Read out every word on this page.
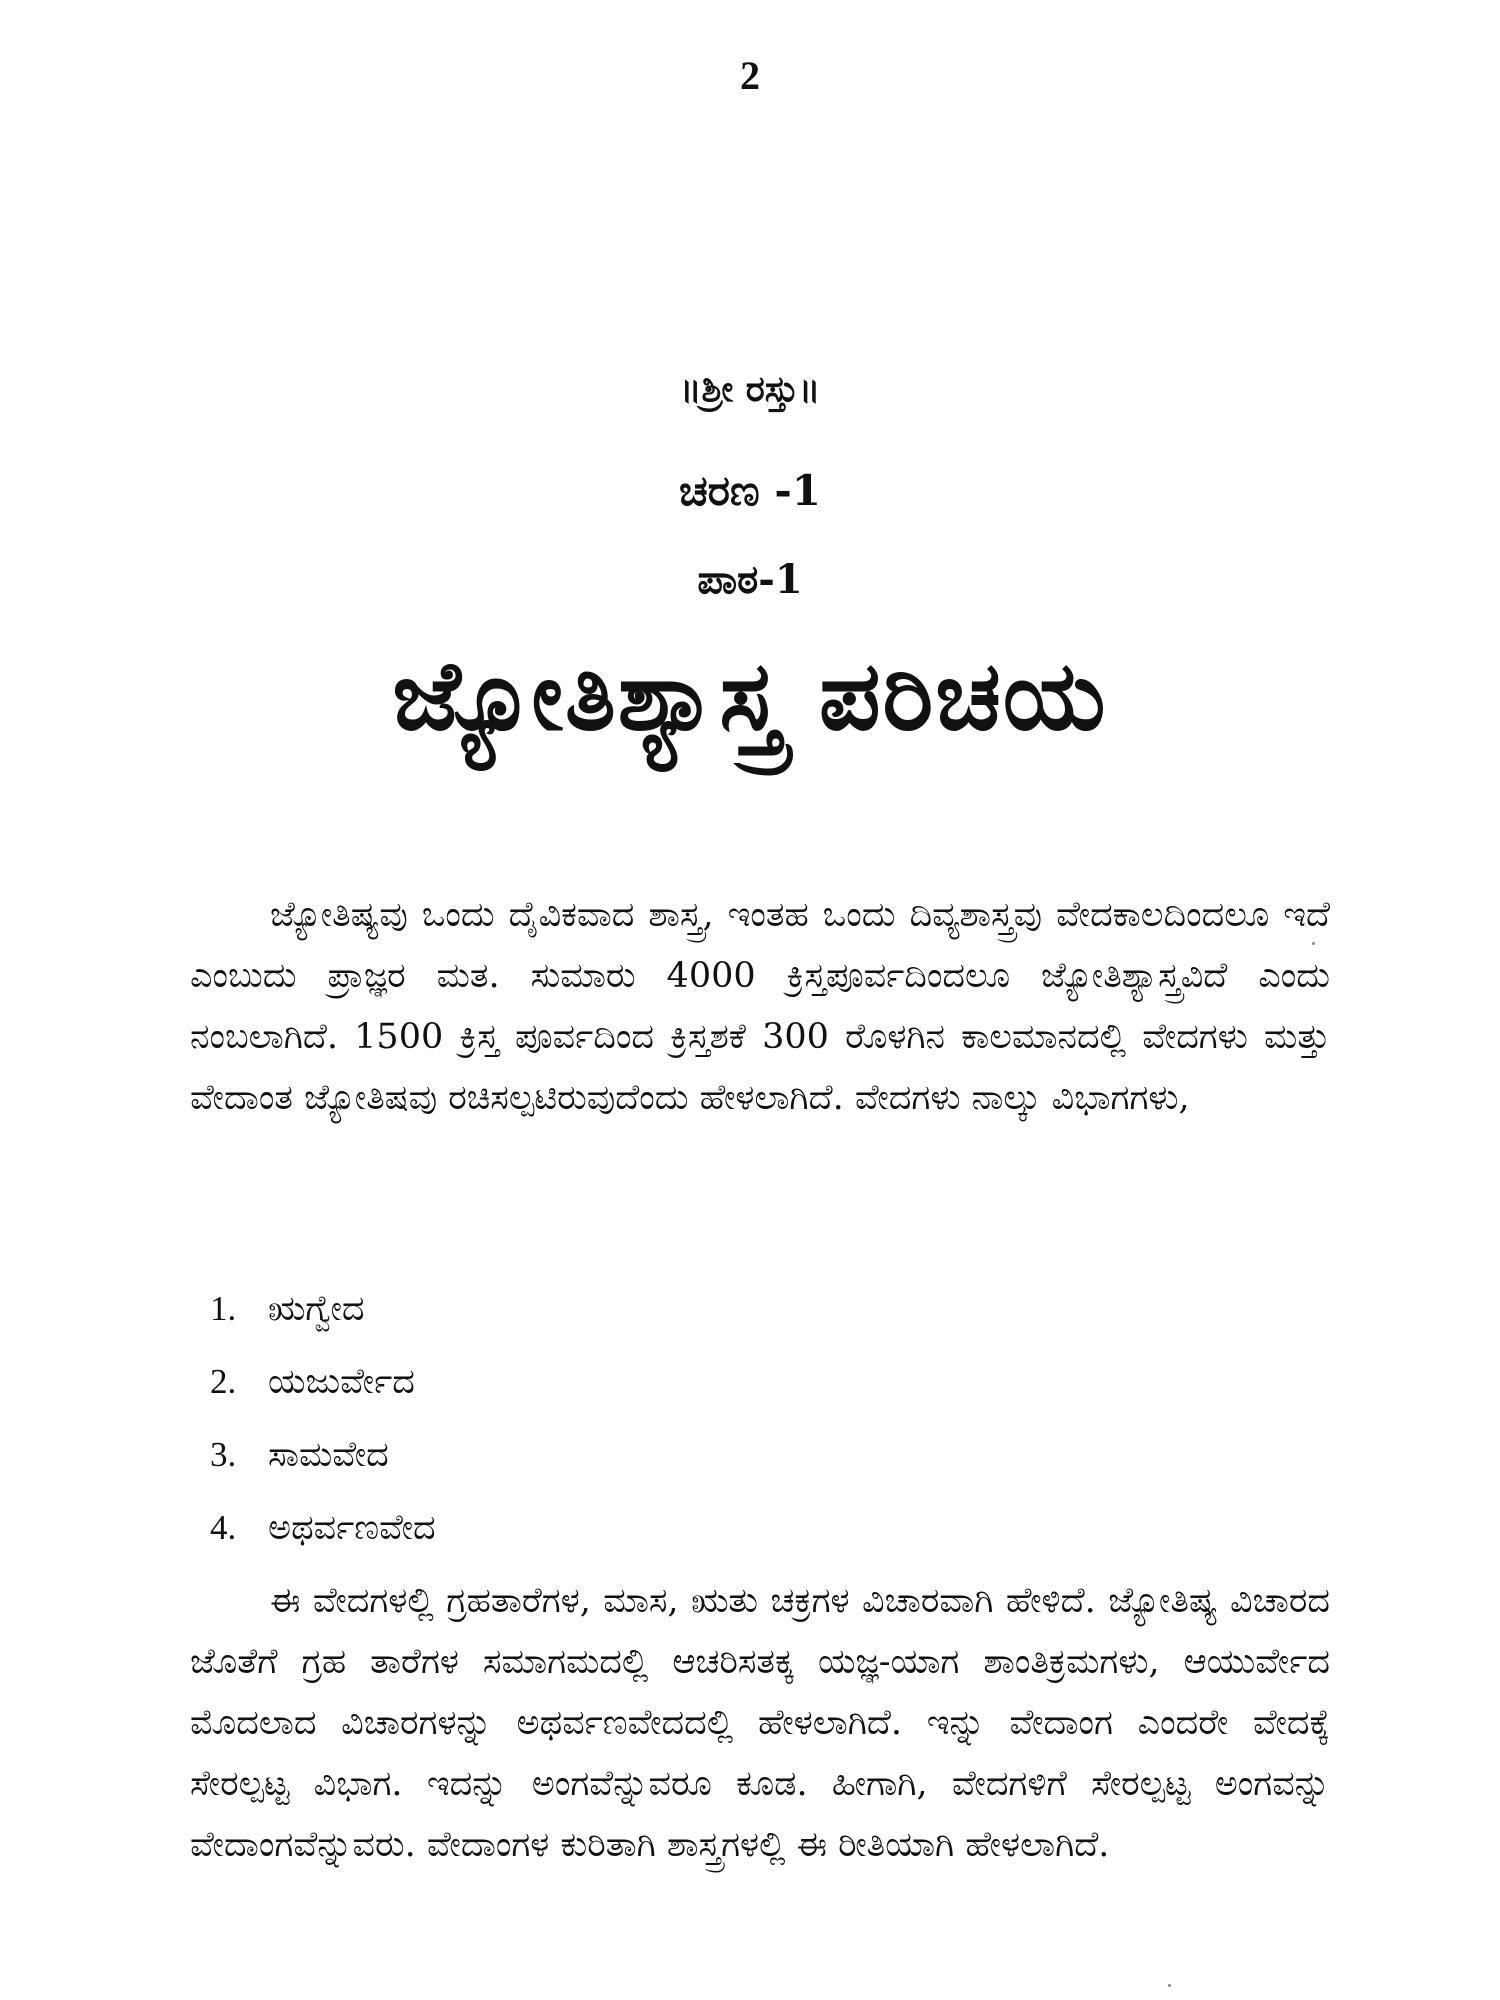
2
॥ಶ್ರೀ ರಸ್ತು॥
ಚರಣ -1
ಪಾಠ-1
ಜ್ಯೋತಿಶ್ಯಾಸ್ತ್ರ ಪರಿಚಯ

ಜ್ಯೋತಿಷ್ಯವು ಒಂದು ದೈವಿಕವಾದ ಶಾಸ್ತ್ರ, ಇಂತಹ ಒಂದು ದಿವ್ಯಶಾಸ್ತ್ರವು ವೇದಕಾಲದಿಂದಲೂ ಇದೆ ಎಂಬುದು ಪ್ರಾಜ್ಞರ ಮತ. ಸುಮಾರು 4000 ಕ್ರಿಸ್ತಪೂರ್ವದಿಂದಲೂ ಜ್ಯೋತಿಶ್ಯಾಸ್ತ್ರವಿದೆ ಎಂದು ನಂಬಲಾಗಿದೆ. 1500 ಕ್ರಿಸ್ತ ಪೂರ್ವದಿಂದ ಕ್ರಿಸ್ತಶಕೆ 300 ರೊಳಗಿನ ಕಾಲಮಾನದಲ್ಲಿ ವೇದಗಳು ಮತ್ತು ವೇದಾಂತ ಜ್ಯೋತಿಷವು ರಚಿಸಲ್ಪಟಿರುವುದೆಂದು ಹೇಳಲಾಗಿದೆ. ವೇದಗಳು ನಾಲ್ಕು ವಿಭಾಗಗಳು,

1. ಋಗ್ವೇದ
2. ಯಜುರ್ವೇದ
3. ಸಾಮವೇದ
4. ಅಥರ್ವಣವೇದ

ಈ ವೇದಗಳಲ್ಲಿ ಗ್ರಹತಾರೆಗಳ, ಮಾಸ, ಋತು ಚಕ್ರಗಳ ವಿಚಾರವಾಗಿ ಹೇಳಿದೆ. ಜ್ಯೋತಿಷ್ಯ ವಿಚಾರದ ಜೊತೆಗೆ ಗ್ರಹ ತಾರೆಗಳ ಸಮಾಗಮದಲ್ಲಿ ಆಚರಿಸತಕ್ಕ ಯಜ್ಞ-ಯಾಗ ಶಾಂತಿಕ್ರಮಗಳು, ಆಯುರ್ವೇದ ಮೊದಲಾದ ವಿಚಾರಗಳನ್ನು ಅಥರ್ವಣವೇದದಲ್ಲಿ ಹೇಳಲಾಗಿದೆ. ಇನ್ನು ವೇದಾಂಗ ಎಂದರೇ ವೇದಕ್ಕೆ ಸೇರಲ್ಪಟ್ಟ ವಿಭಾಗ. ಇದನ್ನು ಅಂಗವೆನ್ನುವರೂ ಕೂಡ. ಹೀಗಾಗಿ, ವೇದಗಳಿಗೆ ಸೇರಲ್ಪಟ್ಟ ಅಂಗವನ್ನು ವೇದಾಂಗವೆನ್ನುವರು. ವೇದಾಂಗಳ ಕುರಿತಾಗಿ ಶಾಸ್ತ್ರಗಳಲ್ಲಿ ಈ ರೀತಿಯಾಗಿ ಹೇಳಲಾಗಿದೆ.
